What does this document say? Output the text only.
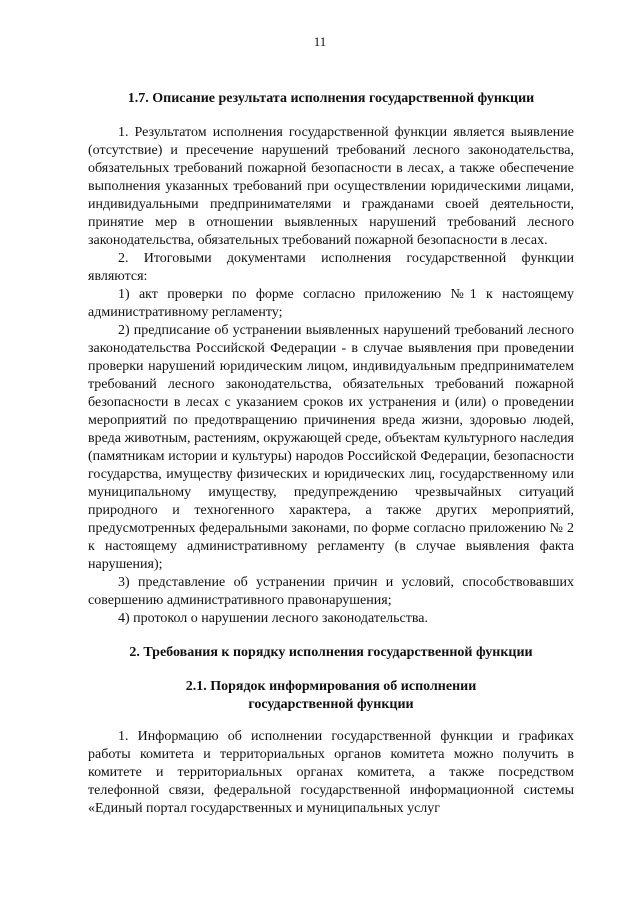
11
1.7. Описание результата исполнения государственной функции

1. Результатом исполнения государственной функции является выявление (отсутствие) и пресечение нарушений требований лесного законодательства, обязательных требований пожарной безопасности в лесах, а также обеспечение выполнения указанных требований при осуществлении юридическими лицами, индивидуальными предпринимателями и гражданами своей деятельности, принятие мер в отношении выявленных нарушений требований лесного законодательства, обязательных требований пожарной безопасности в лесах.

2. Итоговыми документами исполнения государственной функции являются:

1) акт проверки по форме согласно приложению №1 к настоящему административному регламенту;

2) предписание об устранении выявленных нарушений требований лесного законодательства Российской Федерации - в случае выявления при проведении проверки нарушений юридическим лицом, индивидуальным предпринимателем требований лесного законодательства, обязательных требований пожарной безопасности в лесах с указанием сроков их устранения и (или) о проведении мероприятий по предотвращению причинения вреда жизни, здоровью людей, вреда животным, растениям, окружающей среде, объектам культурного наследия (памятникам истории и культуры) народов Российской Федерации, безопасности государства, имуществу физических и юридических лиц, государственному или муниципальному имуществу, предупреждению чрезвычайных ситуаций природного и техногенного характера, а также других мероприятий, предусмотренных федеральными законами, по форме согласно приложению № 2 к настоящему административному регламенту (в случае выявления факта нарушения);

3) представление об устранении причин и условий, способствовавших совершению административного правонарушения;

4) протокол о нарушении лесного законодательства.

2. Требования к порядку исполнения государственной функции
2.1. Порядок информирования об исполнении
государственной функции

1. Информацию об исполнении государственной функции и графиках работы комитета и территориальных органов комитета можно получить в комитете и территориальных органах комитета, а также посредством телефонной связи, федеральной государственной информационной системы «Единый портал государственных и муниципальных услуг
